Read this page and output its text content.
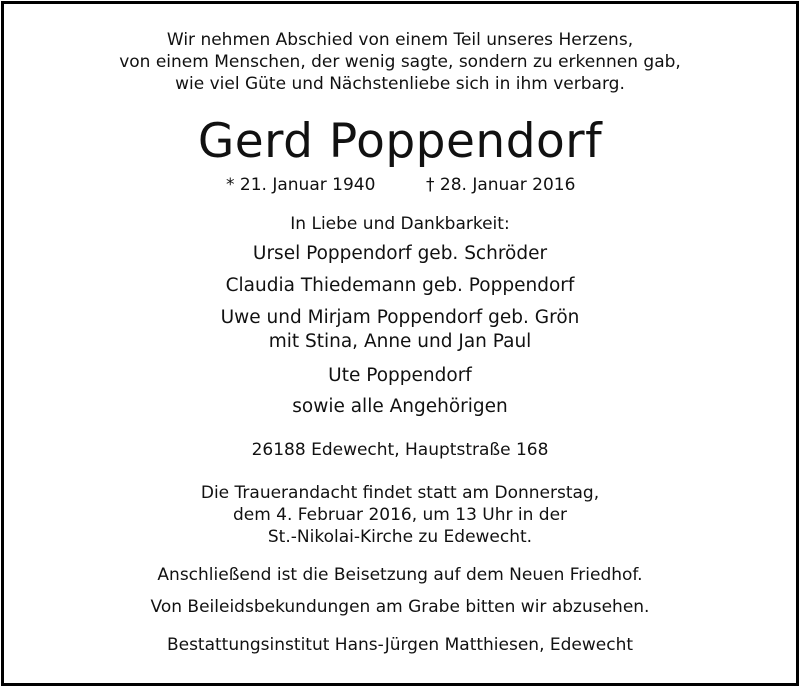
Wir nehmen Abschied von einem Teil unseres Herzens,
von einem Menschen, der wenig sagte, sondern zu erkennen gab,
wie viel Güte und Nächstenliebe sich in ihm verbarg.
Gerd Poppendorf
* 21. Januar 1940	† 28. Januar 2016
In Liebe und Dankbarkeit:
Ursel Poppendorf geb. Schröder
Claudia Thiedemann geb. Poppendorf
Uwe und Mirjam Poppendorf geb. Grön
mit Stina, Anne und Jan Paul
Ute Poppendorf
sowie alle Angehörigen
26188 Edewecht, Hauptstraße 168
Die Trauerandacht findet statt am Donnerstag,
dem 4. Februar 2016, um 13 Uhr in der
St.-Nikolai-Kirche zu Edewecht.
Anschließend ist die Beisetzung auf dem Neuen Friedhof.
Von Beileidsbekundungen am Grabe bitten wir abzusehen.
Bestattungsinstitut Hans-Jürgen Matthiesen, Edewecht
